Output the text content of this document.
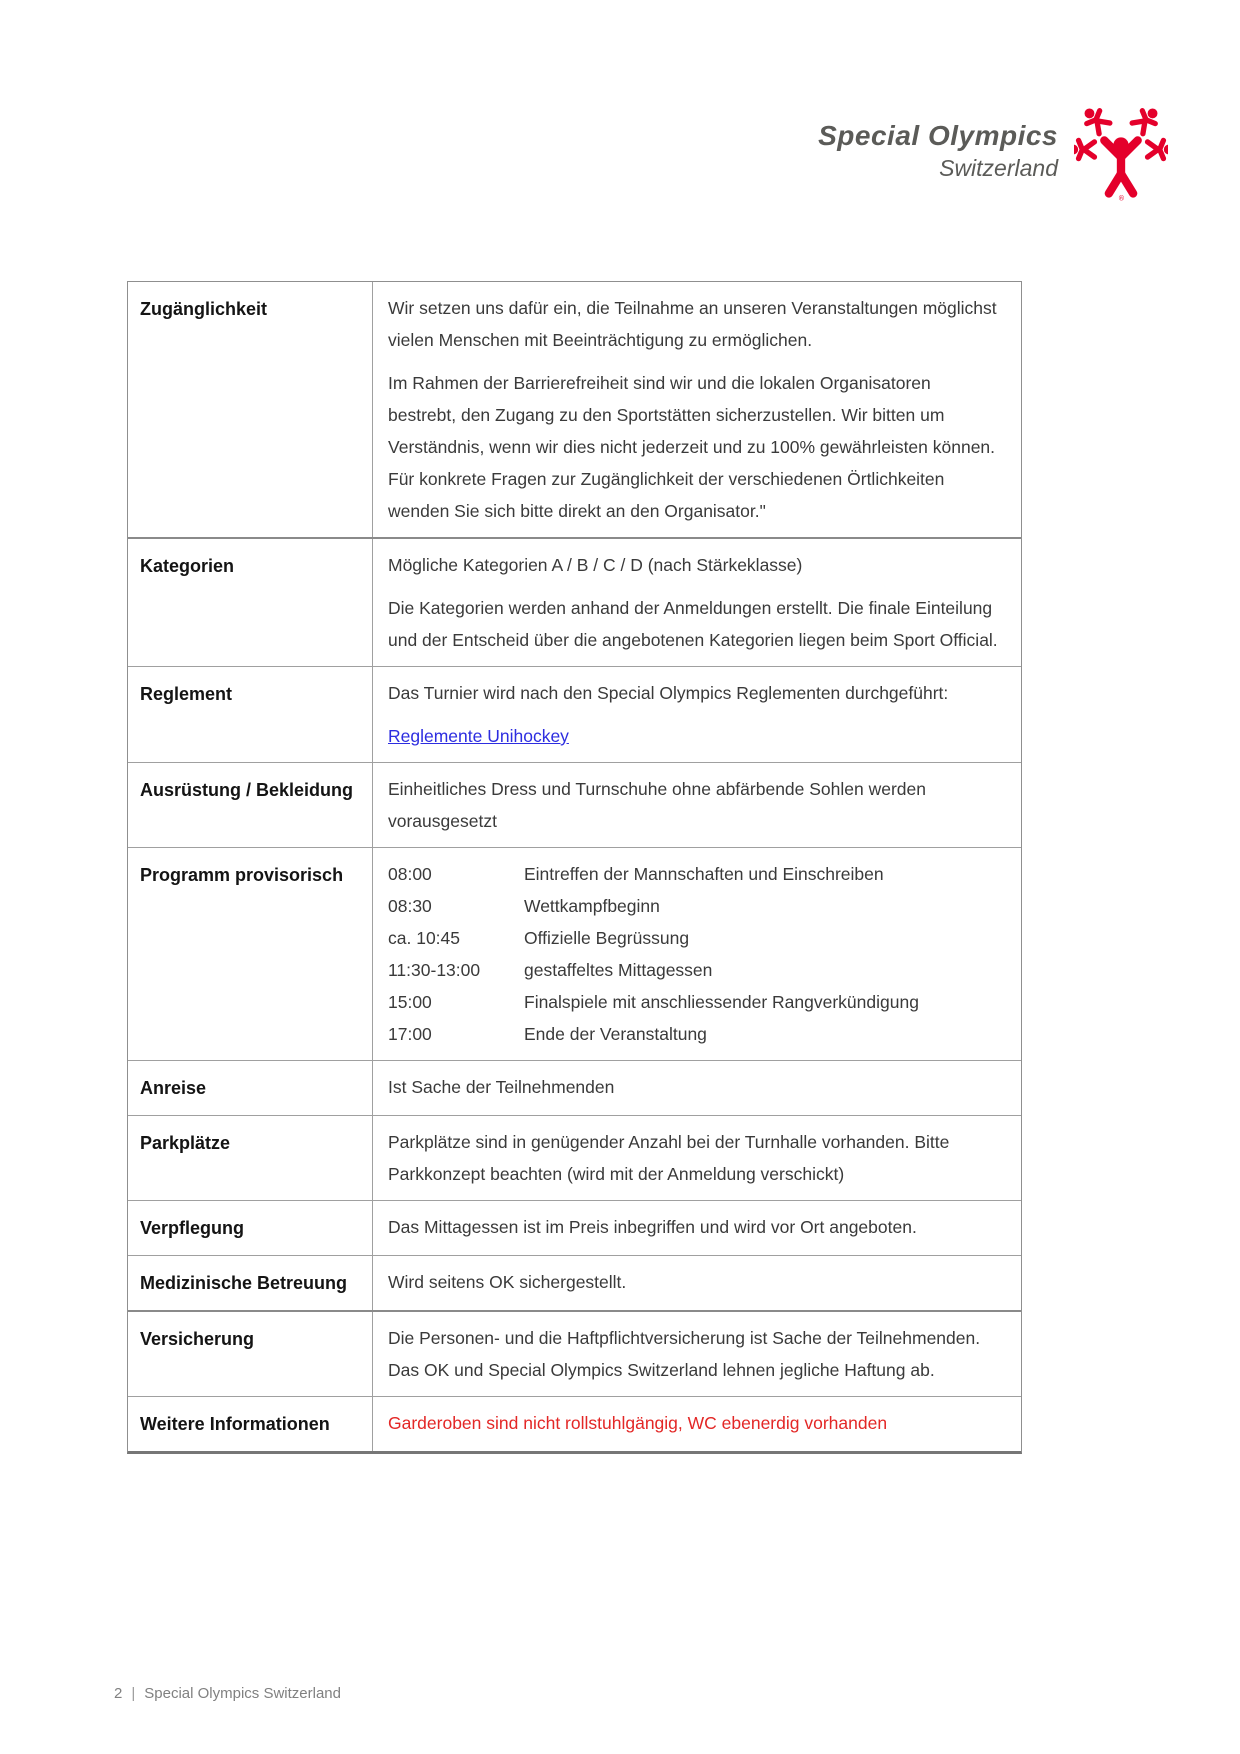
Special Olympics
Switzerland
®
Zugänglichkeit	Wir setzen uns dafür ein, die Teilnahme an unseren Veranstaltungen möglichst vielen Menschen mit Beeinträchtigung zu ermöglichen.

Im Rahmen der Barrierefreiheit sind wir und die lokalen Organisatoren bestrebt, den Zugang zu den Sportstätten sicherzustellen. Wir bitten um Verständnis, wenn wir dies nicht jederzeit und zu 100% gewährleisten können. Für konkrete Fragen zur Zugänglichkeit der verschiedenen Örtlichkeiten wenden Sie sich bitte direkt an den Organisator."

Kategorien	Mögliche Kategorien A / B / C / D (nach Stärkeklasse)

Die Kategorien werden anhand der Anmeldungen erstellt. Die finale Einteilung und der Entscheid über die angebotenen Kategorien liegen beim Sport Official.

Reglement	Das Turnier wird nach den Special Olympics Reglementen durchgeführt:

Reglemente Unihockey

Ausrüstung / Bekleidung	Einheitliches Dress und Turnschuhe ohne abfärbende Sohlen werden vorausgesetzt

Programm provisorisch	08:00	Eintreffen der Mannschaften und Einschreiben
08:30	Wettkampfbeginn
ca. 10:45	Offizielle Begrüssung
11:30-13:00	gestaffeltes Mittagessen
15:00	Finalspiele mit anschliessender Rangverkündigung
17:00	Ende der Veranstaltung
Anreise	Ist Sache der Teilnehmenden

Parkplätze	Parkplätze sind in genügender Anzahl bei der Turnhalle vorhanden. Bitte Parkkonzept beachten (wird mit der Anmeldung verschickt)

Verpflegung	Das Mittagessen ist im Preis inbegriffen und wird vor Ort angeboten.

Medizinische Betreuung	Wird seitens OK sichergestellt.

Versicherung	Die Personen- und die Haftpflichtversicherung ist Sache der Teilnehmenden. Das OK und Special Olympics Switzerland lehnen jegliche Haftung ab.

Weitere Informationen	Garderoben sind nicht rollstuhlgängig, WC ebenerdig vorhanden

2 | Special Olympics Switzerland
